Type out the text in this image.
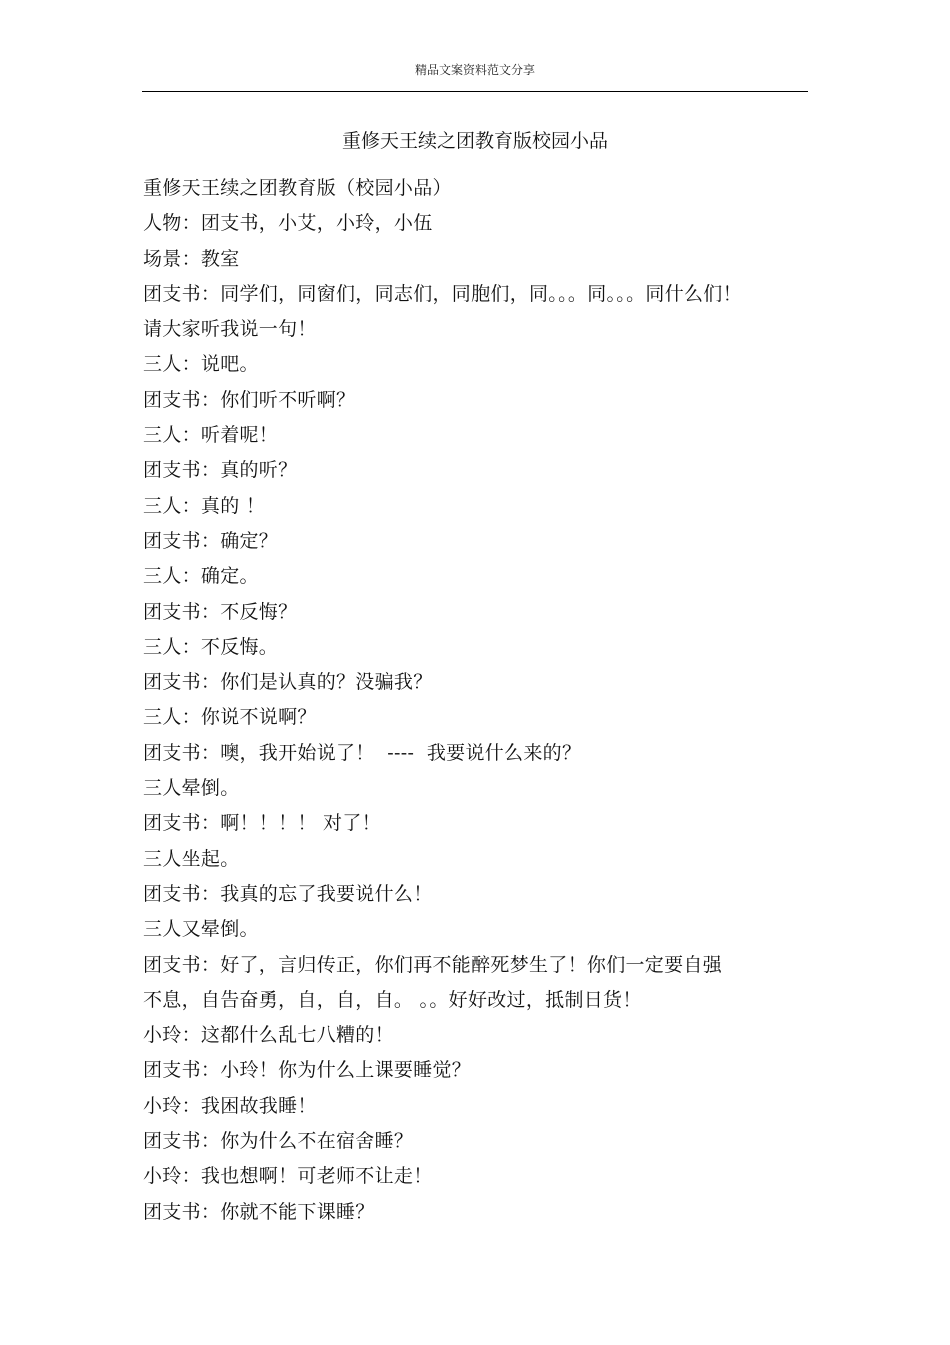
精品文案资料范文分享
重修天王续之团教育版校园小品
重修天王续之团教育版（校园小品）
人物：团支书，小艾，小玲，小伍
场景：教室
团支书：同学们，同窗们，同志们，同胞们，同。。。同。。。同什么们！
请大家听我说一句！
三人：说吧。
团支书：你们听不听啊？
三人：听着呢！
团支书：真的听？
三人：真的 ！
团支书：确定？
三人：确定。
团支书：不反悔？
三人：不反悔。
团支书：你们是认真的？没骗我？
三人：你说不说啊？
团支书：噢，我开始说了！  ----  我要说什么来的？
三人晕倒。
团支书：啊！！！！ 对了！
三人坐起。
团支书：我真的忘了我要说什么！
三人又晕倒。
团支书：好了，言归传正，你们再不能醉死梦生了！你们一定要自强
不息，自告奋勇，自，自，自。 。。好好改过，抵制日货！
小玲：这都什么乱七八糟的！
团支书：小玲！你为什么上课要睡觉？
小玲：我困故我睡！
团支书：你为什么不在宿舍睡？
小玲：我也想啊！可老师不让走！
团支书：你就不能下课睡？
